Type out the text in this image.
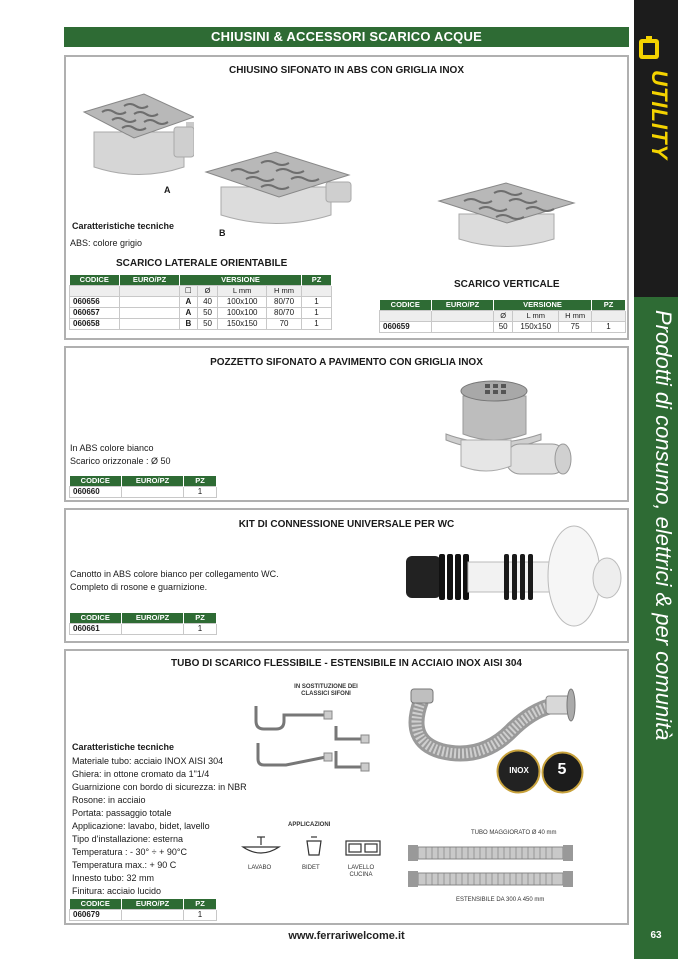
UTILITY
Prodotti di consumo, elettrici & per comunità
63
CHIUSINI & ACCESSORI SCARICO ACQUE
CHIUSINO SIFONATO IN ABS CON GRIGLIA INOX
A
B
Caratteristiche tecniche
ABS: colore grigio
SCARICO LATERALE ORIENTABILE
CODICE	EURO/PZ	VERSIONE				PZ
		☐	Ø	L mm	H mm	
060656		A	40	100x100	80/70	1
060657		A	50	100x100	80/70	1
060658		B	50	150x150	70	1
SCARICO VERTICALE
CODICE	EURO/PZ	VERSIONE			PZ
		Ø	L mm	H mm	
060659		50	150x150	75	1
POZZETTO SIFONATO A PAVIMENTO CON GRIGLIA INOX
In ABS colore bianco
Scarico orizzonale : Ø 50
CODICE	EURO/PZ	PZ
060660		1
KIT DI CONNESSIONE UNIVERSALE PER WC
Canotto in ABS colore bianco per collegamento WC.
Completo di rosone e guarnizione.
CODICE	EURO/PZ	PZ
060661		1
TUBO DI SCARICO FLESSIBILE - ESTENSIBILE IN ACCIAIO INOX AISI 304
Caratteristiche tecniche
Materiale tubo: acciaio INOX AISI 304
Ghiera: in ottone cromato da 1"1/4
Guarnizione con bordo di sicurezza: in NBR
Rosone: in acciaio
Portata: passaggio totale
Applicazione: lavabo, bidet, lavello
Tipo d'installazione: esterna
Temperatura : - 30° ÷ + 90°C
Temperatura max.: + 90 C
Innesto tubo: 32 mm
Finitura: acciaio lucido
IN SOSTITUZIONE DEI CLASSICI SIFONI
APPLICAZIONI
LAVABO	BIDET	LAVELLO CUCINA
INOX	5
TUBO MAGGIORATO Ø 40 mm
ESTENSIBILE DA 300 A 450 mm
CODICE	EURO/PZ	PZ
060679		1
www.ferrariwelcome.it
